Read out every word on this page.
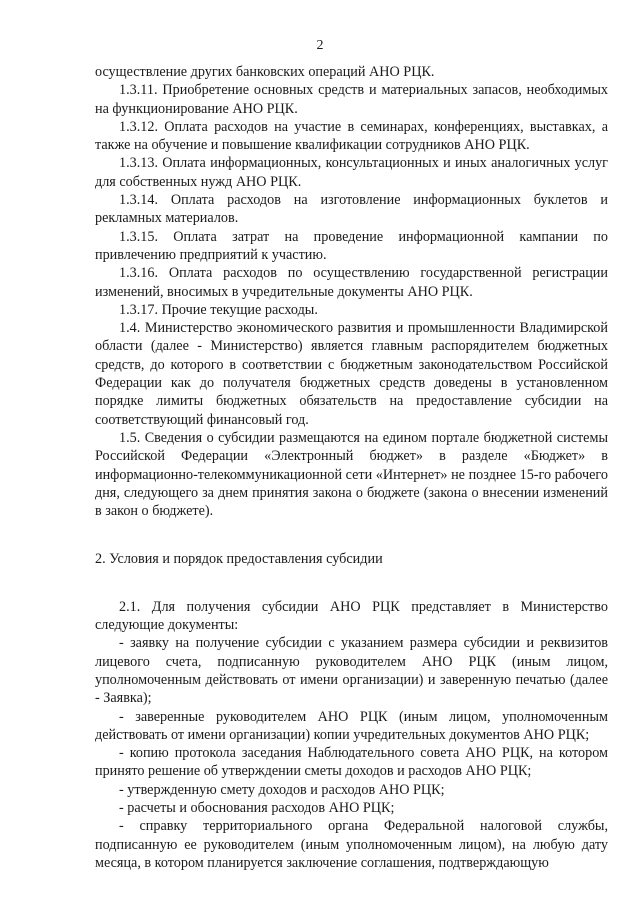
2
осуществление других банковских операций АНО РЦК.
1.3.11. Приобретение основных средств и материальных запасов, необходимых на функционирование АНО РЦК.
1.3.12. Оплата расходов на участие в семинарах, конференциях, выставках, а также на обучение и повышение квалификации сотрудников АНО РЦК.
1.3.13. Оплата информационных, консультационных и иных аналогичных услуг для собственных нужд АНО РЦК.
1.3.14. Оплата расходов на изготовление информационных буклетов и рекламных материалов.
1.3.15. Оплата затрат на проведение информационной кампании по привлечению предприятий к участию.
1.3.16. Оплата расходов по осуществлению государственной регистрации изменений, вносимых в учредительные документы АНО РЦК.
1.3.17. Прочие текущие расходы.
1.4. Министерство экономического развития и промышленности Владимирской области (далее - Министерство) является главным распорядителем бюджетных средств, до которого в соответствии с бюджетным законодательством Российской Федерации как до получателя бюджетных средств доведены в установленном порядке лимиты бюджетных обязательств на предоставление субсидии на соответствующий финансовый год.
1.5. Сведения о субсидии размещаются на едином портале бюджетной системы Российской Федерации «Электронный бюджет» в разделе «Бюджет» в информационно-телекоммуникационной сети «Интернет» не позднее 15-го рабочего дня, следующего за днем принятия закона о бюджете (закона о внесении изменений в закон о бюджете).
2. Условия и порядок предоставления субсидии
2.1. Для получения субсидии АНО РЦК представляет в Министерство следующие документы:
- заявку на получение субсидии с указанием размера субсидии и реквизитов лицевого счета, подписанную руководителем АНО РЦК (иным лицом, уполномоченным действовать от имени организации) и заверенную печатью (далее - Заявка);
- заверенные руководителем АНО РЦК (иным лицом, уполномоченным действовать от имени организации) копии учредительных документов АНО РЦК;
- копию протокола заседания Наблюдательного совета АНО РЦК, на котором принято решение об утверждении сметы доходов и расходов АНО РЦК;
- утвержденную смету доходов и расходов АНО РЦК;
- расчеты и обоснования расходов АНО РЦК;
- справку территориального органа Федеральной налоговой службы, подписанную ее руководителем (иным уполномоченным лицом), на любую дату месяца, в котором планируется заключение соглашения, подтверждающую
